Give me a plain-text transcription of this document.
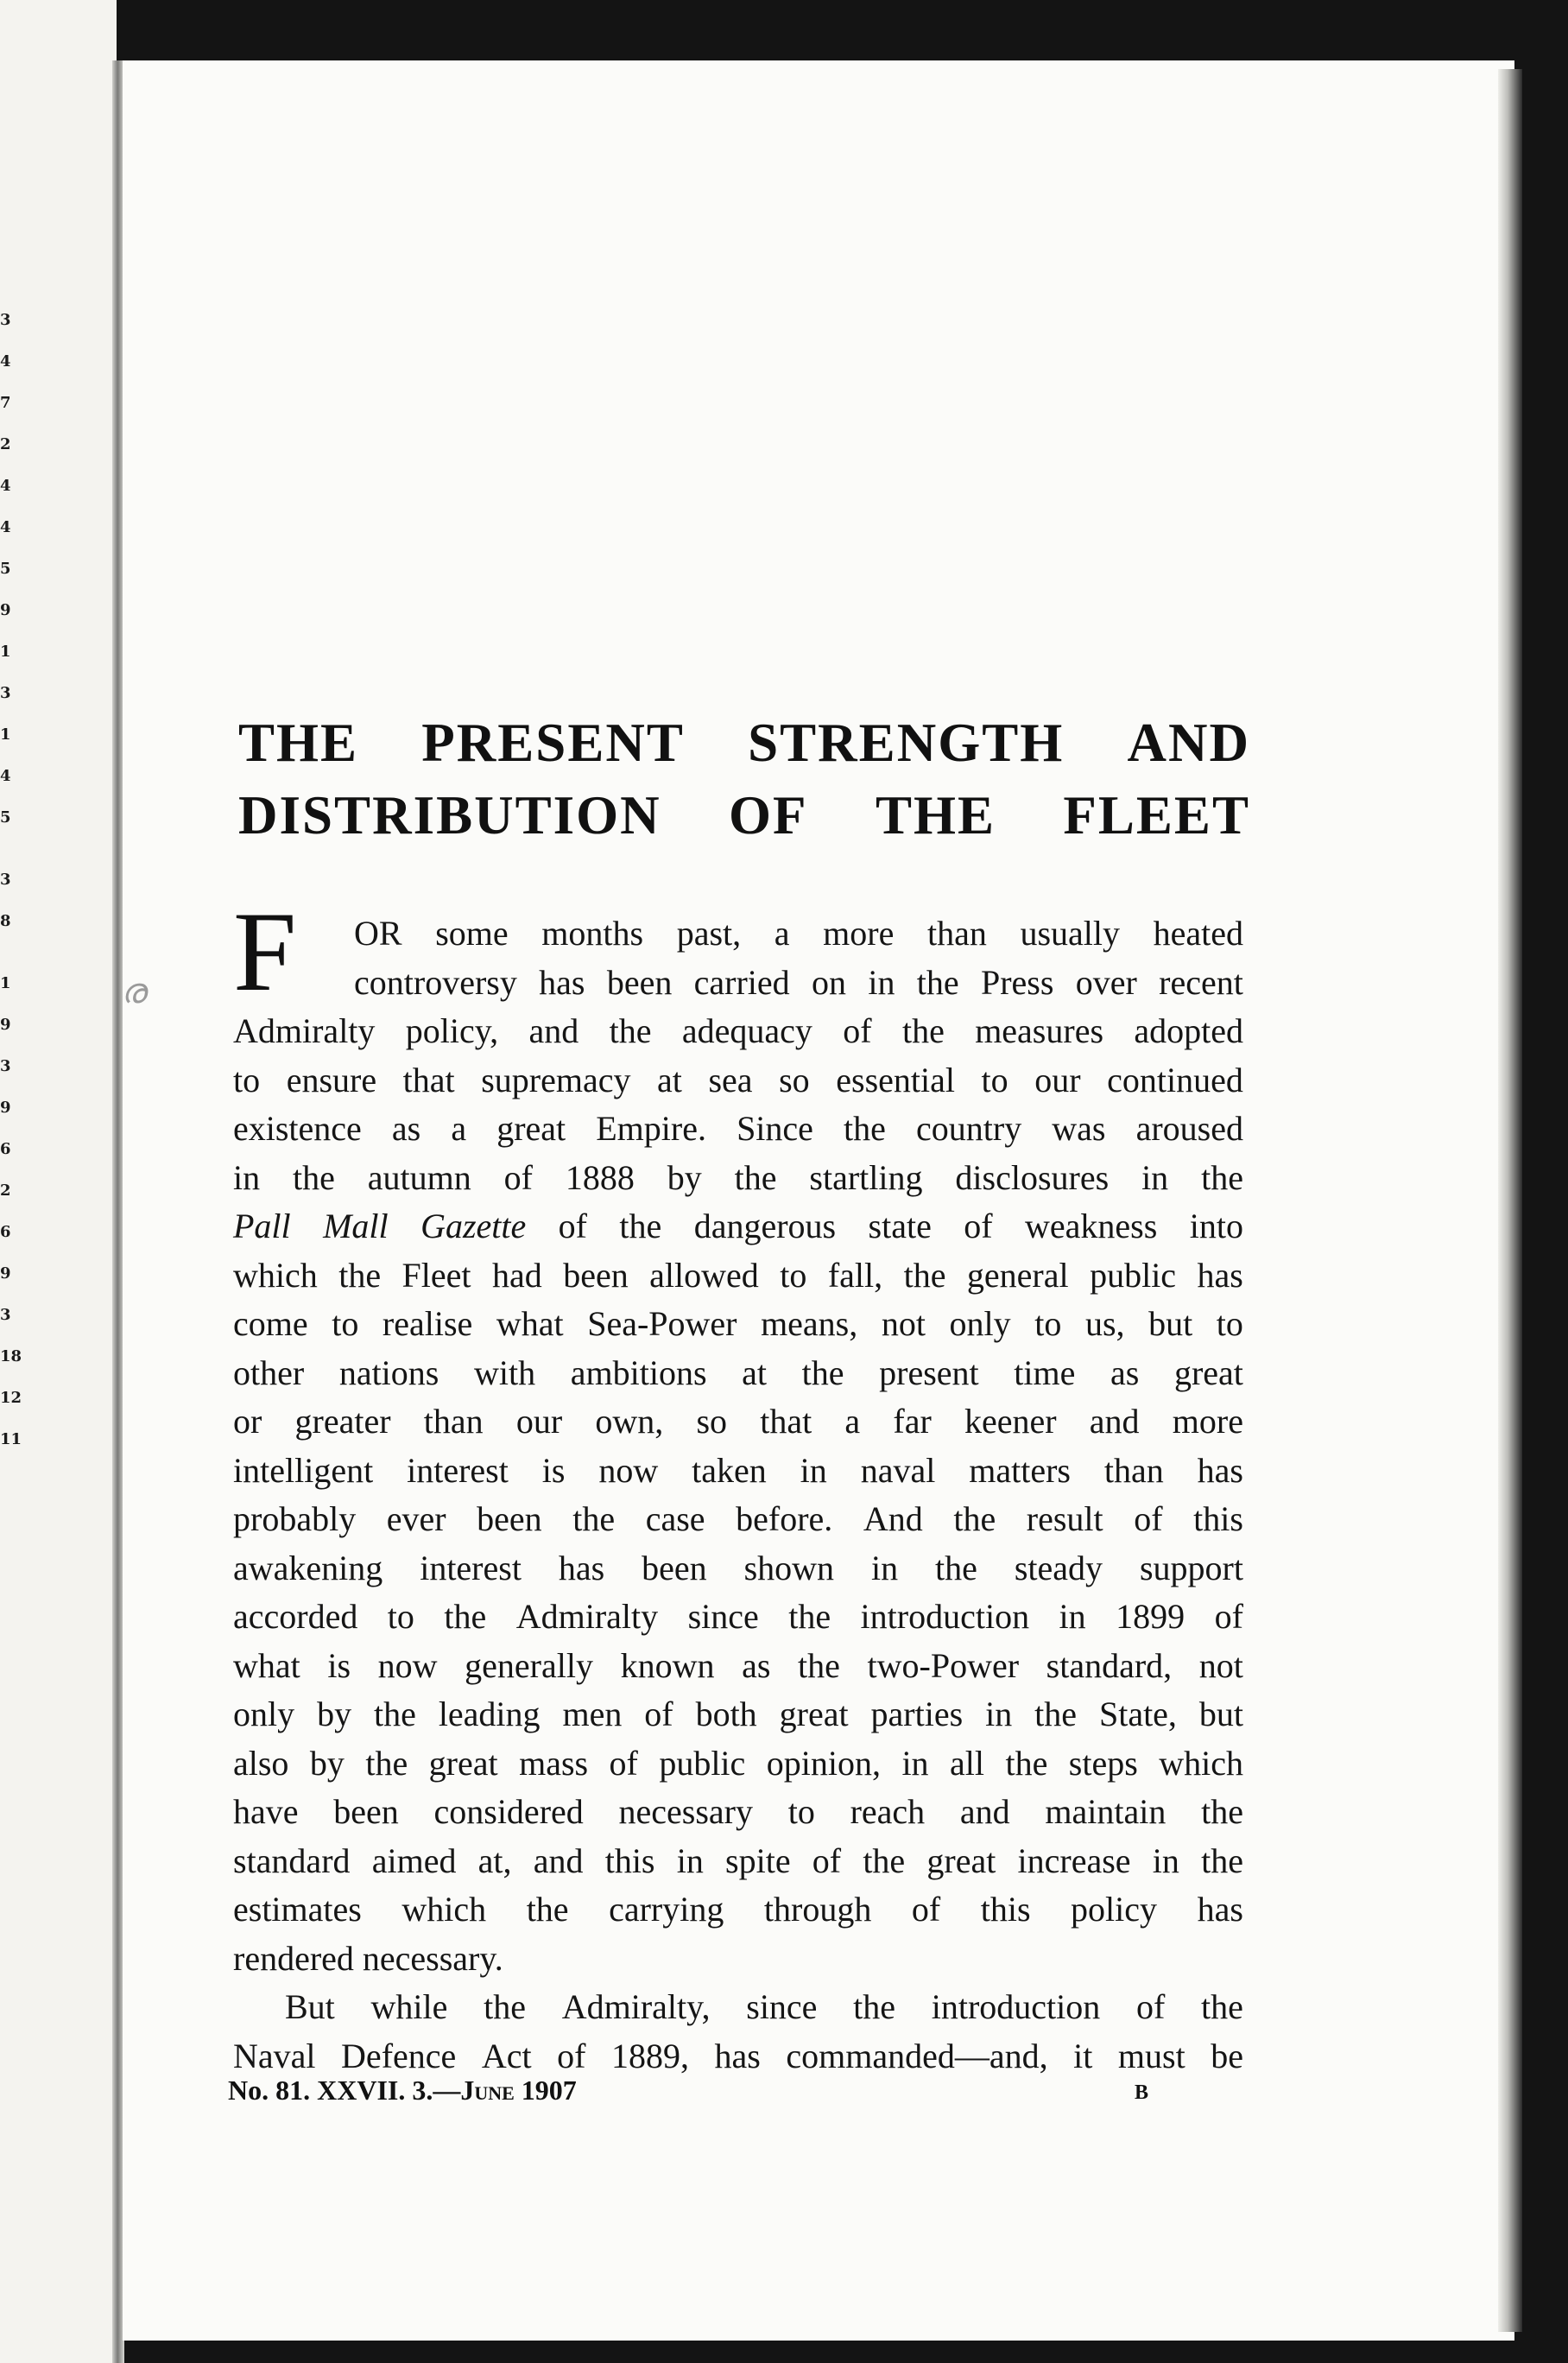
3
4
7
2
4
4
5
9
1
3
1
4
5
3
8
1
9
3
9
6
2
6
9
3
18
12
11
ര
THE PRESENT STRENGTH AND
DISTRIBUTION OF THE FLEET
F OR some months past, a more than usually heated
controversy has been carried on in the Press over recent
Admiralty policy, and the adequacy of the measures adopted
to ensure that supremacy at sea so essential to our continued
existence as a great Empire. Since the country was aroused
in the autumn of 1888 by the startling disclosures in the
Pall Mall Gazette of the dangerous state of weakness into
which the Fleet had been allowed to fall, the general public has
come to realise what Sea-Power means, not only to us, but to
other nations with ambitions at the present time as great
or greater than our own, so that a far keener and more
intelligent interest is now taken in naval matters than has
probably ever been the case before. And the result of this
awakening interest has been shown in the steady support
accorded to the Admiralty since the introduction in 1899 of
what is now generally known as the two-Power standard, not
only by the leading men of both great parties in the State, but
also by the great mass of public opinion, in all the steps which
have been considered necessary to reach and maintain the
standard aimed at, and this in spite of the great increase in the
estimates which the carrying through of this policy has
rendered necessary.
But while the Admiralty, since the introduction of the
Naval Defence Act of 1889, has commanded—and, it must be
No. 81. XXVII. 3.—June 1907	B
